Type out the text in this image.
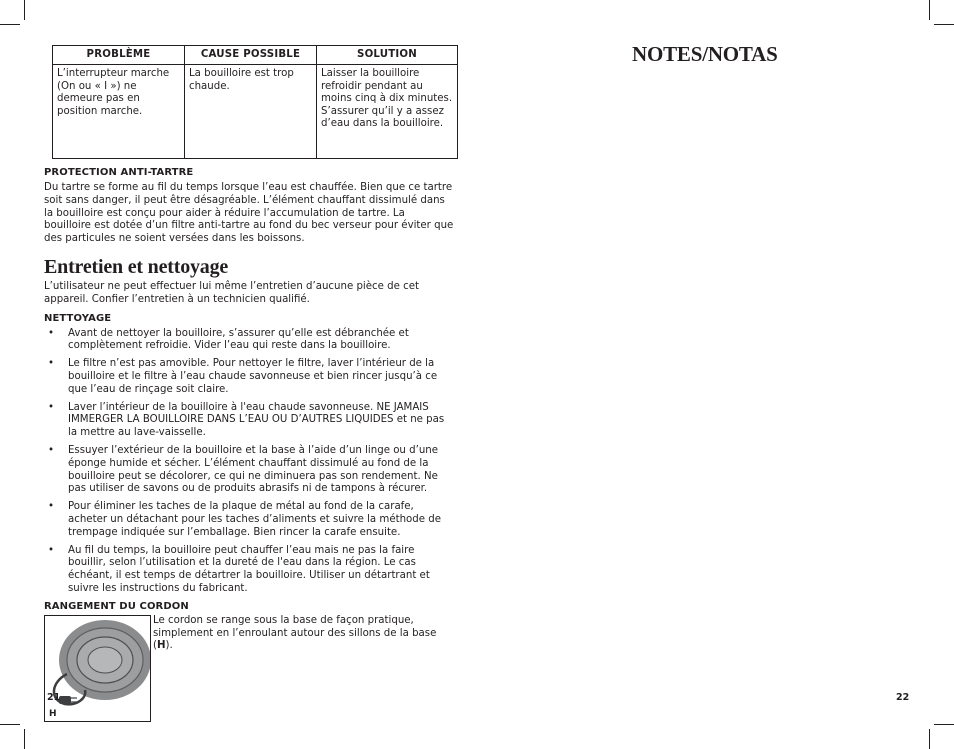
PROBLÈME	CAUSE POSSIBLE	SOLUTION
L’interrupteur marche (On ou « I ») ne demeure pas en position marche.	La bouilloire est trop chaude.	Laisser la bouilloire refroidir pendant au moins cinq à dix minutes. S’assurer qu’il y a assez d’eau dans la bouilloire.
PROTECTION ANTI-TARTRE

Du tartre se forme au fil du temps lorsque l’eau est chauffée. Bien que ce tartre soit sans danger, il peut être désagréable. L’élément chauffant dissimulé dans la bouilloire est conçu pour aider à réduire l’accumulation de tartre. La bouilloire est dotée d’un filtre anti-tartre au fond du bec verseur pour éviter que des particules ne soient versées dans les boissons.

Entretien et nettoyage

L’utilisateur ne peut effectuer lui même l’entretien d’aucune pièce de cet appareil. Confier l’entretien à un technicien qualifié.

NETTOYAGE
• Avant de nettoyer la bouilloire, s’assurer qu’elle est débranchée et complètement refroidie. Vider l’eau qui reste dans la bouilloire.
• Le filtre n’est pas amovible. Pour nettoyer le filtre, laver l’intérieur de la bouilloire et le filtre à l’eau chaude savonneuse et bien rincer jusqu’à ce que l’eau de rinçage soit claire.
• Laver l’intérieur de la bouilloire à l'eau chaude savonneuse. NE JAMAIS IMMERGER LA BOUILLOIRE DANS L’EAU OU D’AUTRES LIQUIDES et ne pas la mettre au lave-vaisselle.
• Essuyer l’extérieur de la bouilloire et la base à l’aide d’un linge ou d’une éponge humide et sécher. L’élément chauffant dissimulé au fond de la bouilloire peut se décolorer, ce qui ne diminuera pas son rendement. Ne pas utiliser de savons ou de produits abrasifs ni de tampons à récurer.
• Pour éliminer les taches de la plaque de métal au fond de la carafe, acheter un détachant pour les taches d’aliments et suivre la méthode de trempage indiquée sur l’emballage. Bien rincer la carafe ensuite.
• Au fil du temps, la bouilloire peut chauffer l’eau mais ne pas la faire bouillir, selon l’utilisation et la dureté de l'eau dans la région. Le cas échéant, il est temps de détartrer la bouilloire. Utiliser un détartrant et suivre les instructions du fabricant.
RANGEMENT DU CORDON
H
Le cordon se range sous la base de façon pratique, simplement en l’enroulant autour des sillons de la base (H).
21
NOTES/NOTAS
22
